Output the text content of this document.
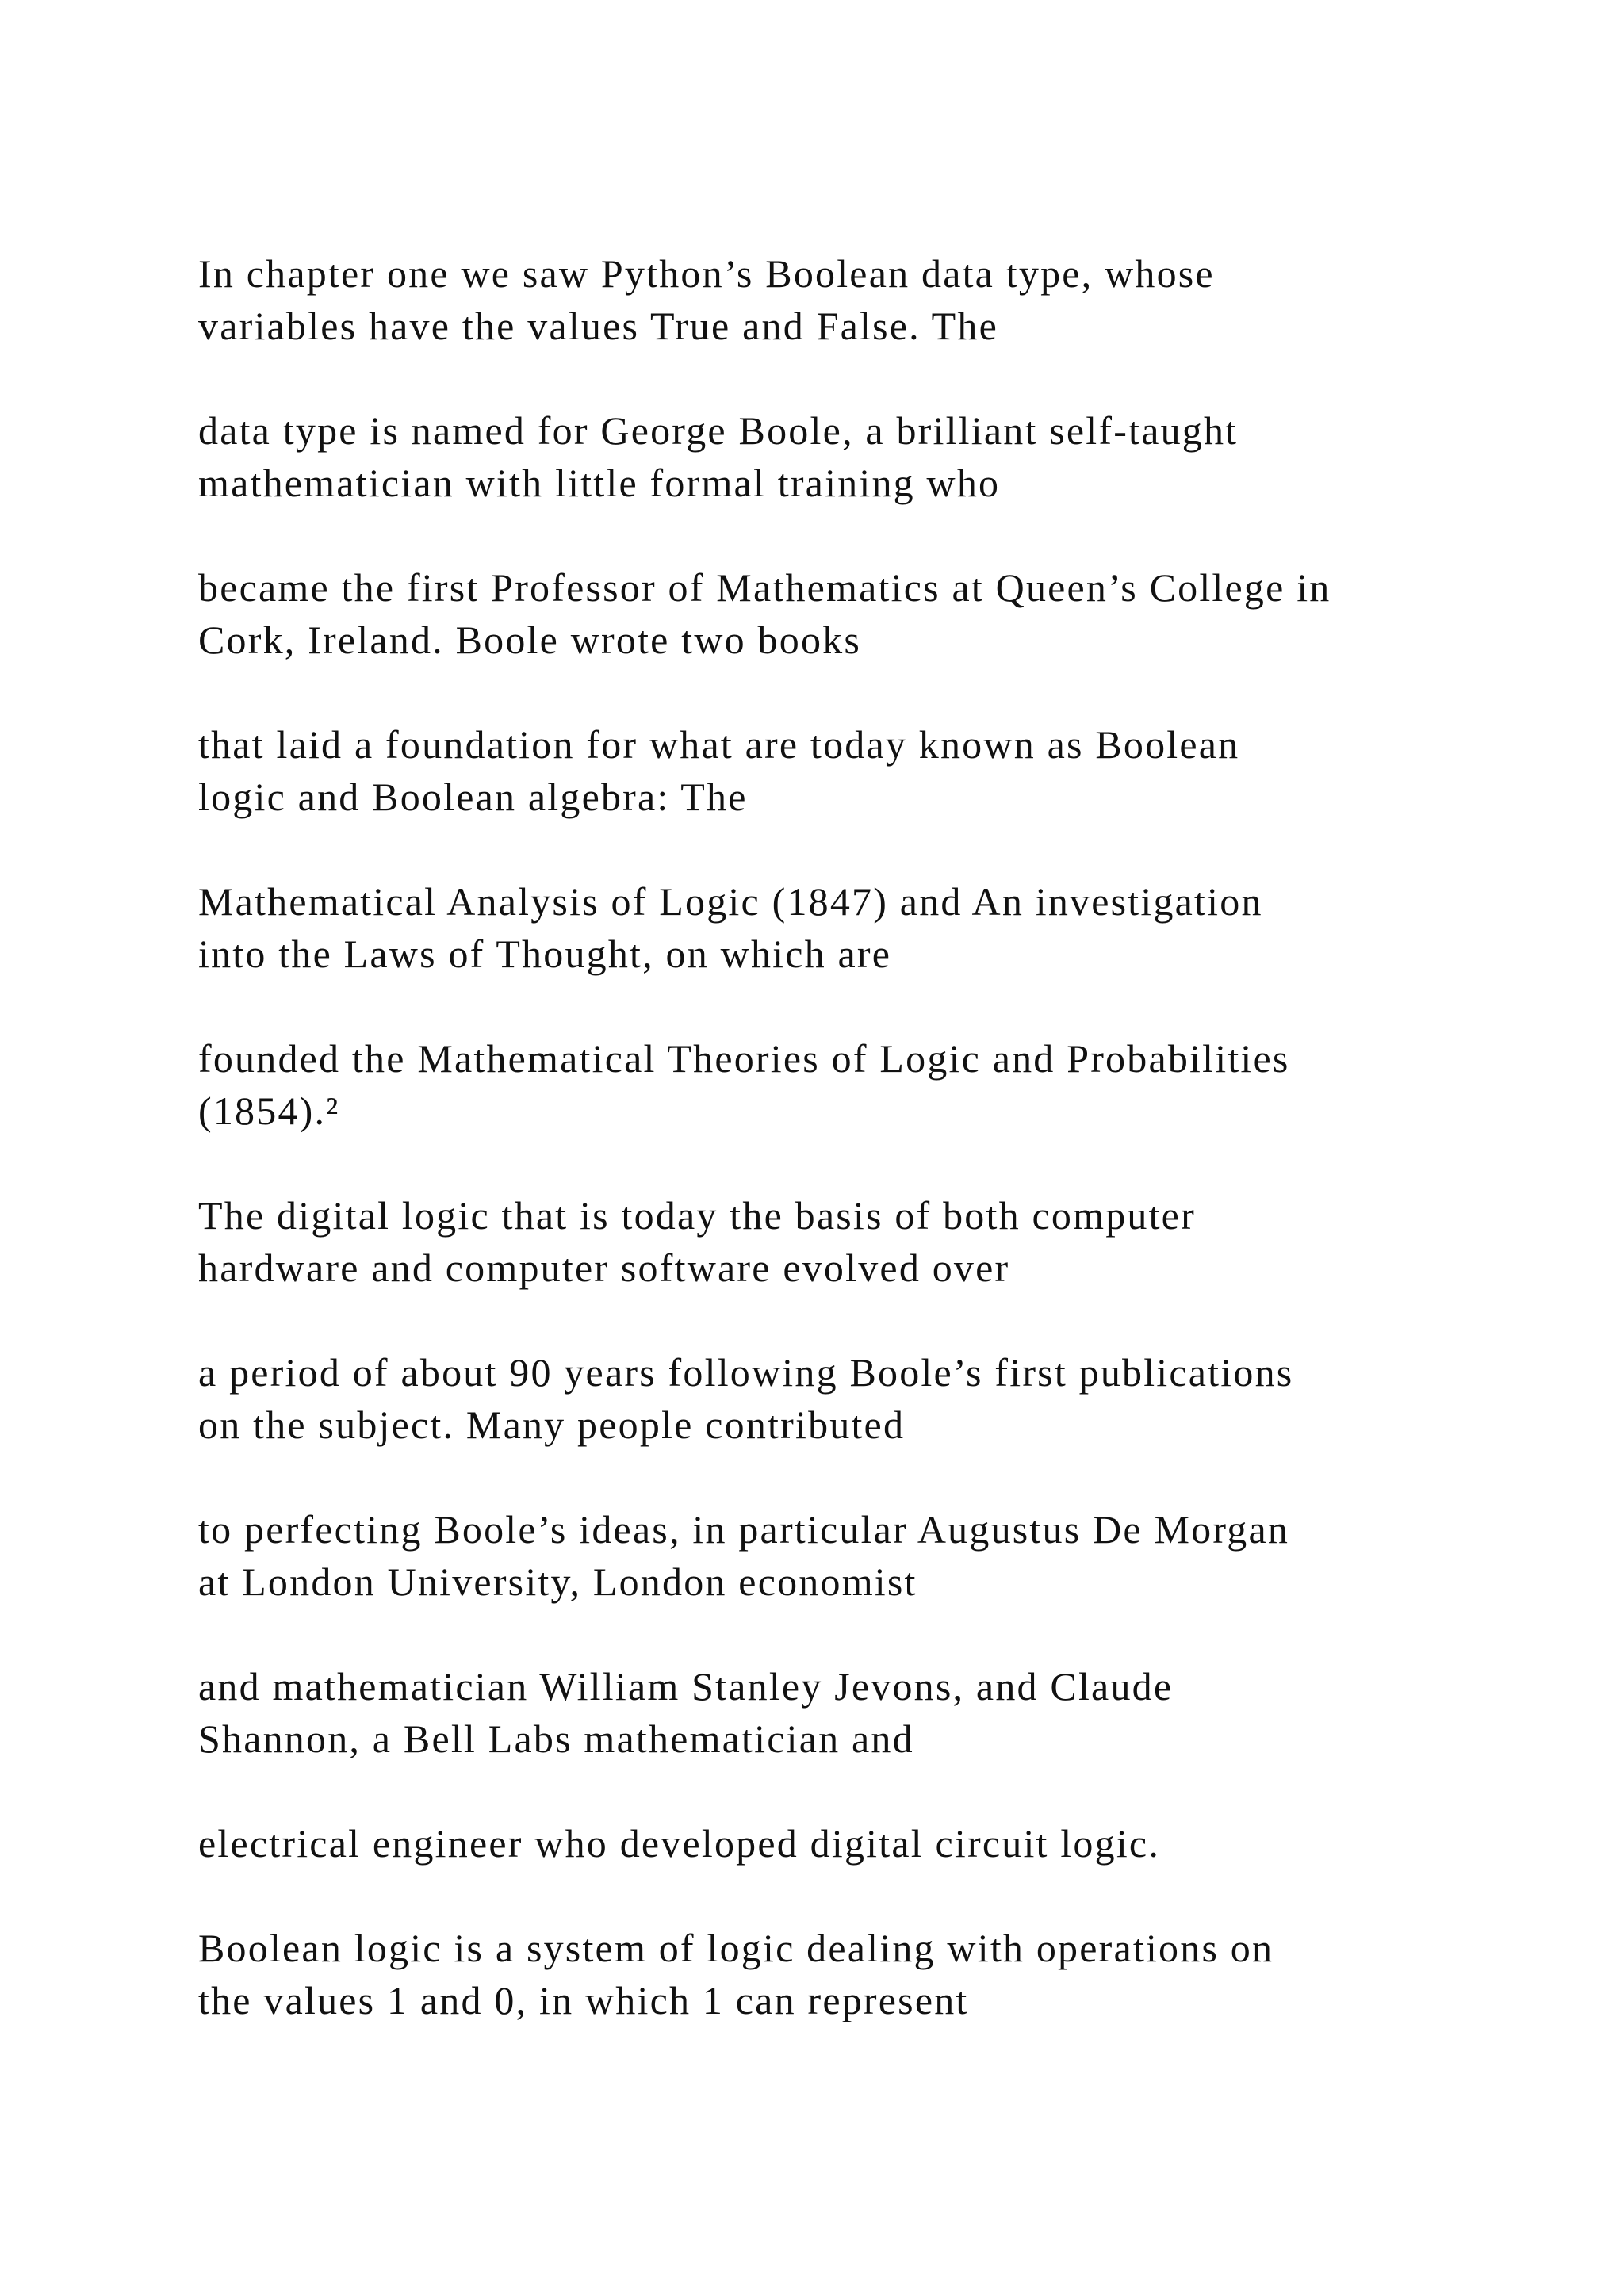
In chapter one we saw Python’s Boolean data type, whose
variables have the values True and False. The

data type is named for George Boole, a brilliant self-taught
mathematician with little formal training who

became the first Professor of Mathematics at Queen’s College in
Cork, Ireland. Boole wrote two books

that laid a foundation for what are today known as Boolean
logic and Boolean algebra: The

Mathematical Analysis of Logic (1847) and An investigation
into the Laws of Thought, on which are

founded the Mathematical Theories of Logic and Probabilities
(1854).²

The digital logic that is today the basis of both computer
hardware and computer software evolved over

a period of about 90 years following Boole’s first publications
on the subject. Many people contributed

to perfecting Boole’s ideas, in particular Augustus De Morgan
at London University, London economist

and mathematician William Stanley Jevons, and Claude
Shannon, a Bell Labs mathematician and

electrical engineer who developed digital circuit logic.

Boolean logic is a system of logic dealing with operations on
the values 1 and 0, in which 1 can represent
